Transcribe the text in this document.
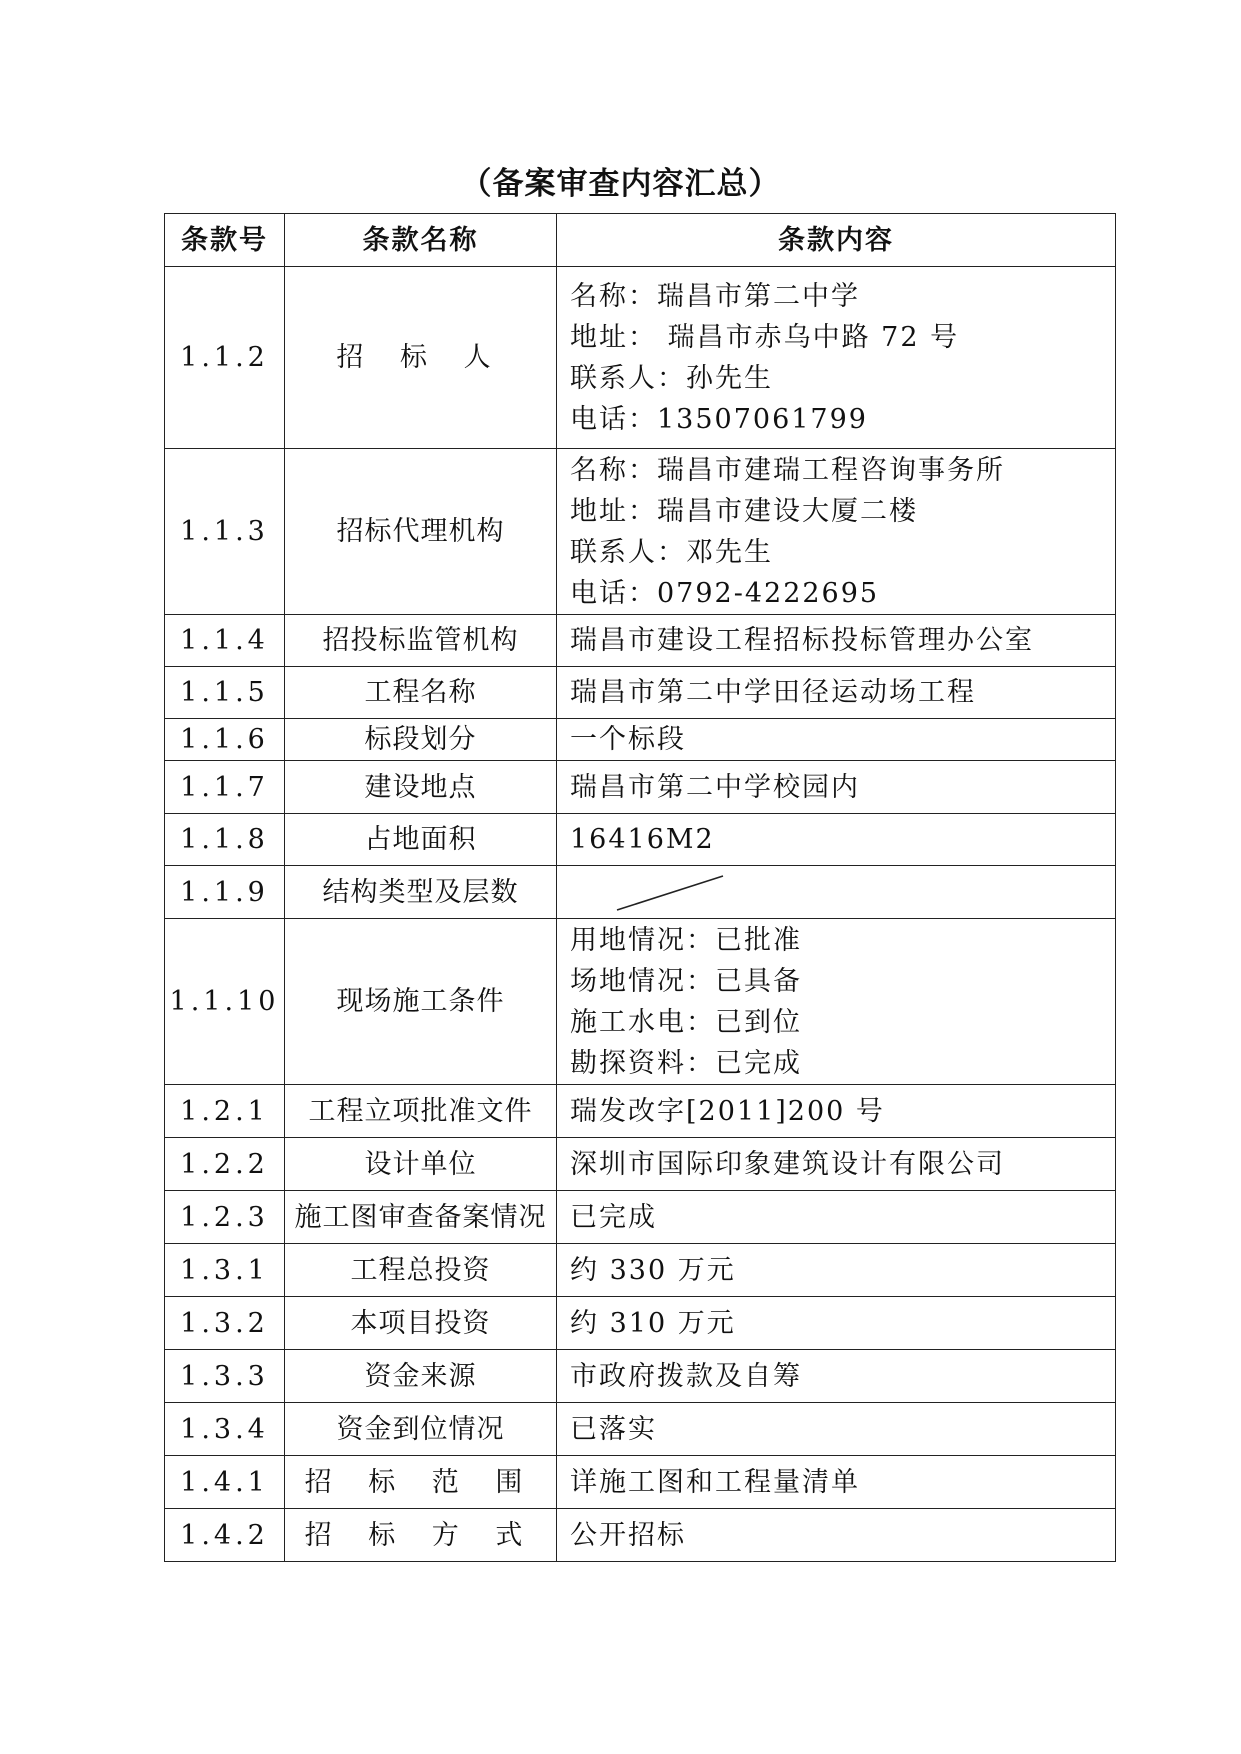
（备案审查内容汇总）
条款号	条款名称	条款内容
1.1.2	招 标 人	名称：瑞昌市第二中学
地址： 瑞昌市赤乌中路 72 号
联系人：孙先生
电话：13507061799

1.1.3	招标代理机构	名称：瑞昌市建瑞工程咨询事务所
地址：瑞昌市建设大厦二楼
联系人：邓先生
电话：0792-4222695

1.1.4	招投标监管机构	瑞昌市建设工程招标投标管理办公室

1.1.5	工程名称	瑞昌市第二中学田径运动场工程

1.1.6	标段划分	一个标段

1.1.7	建设地点	瑞昌市第二中学校园内

1.1.8	占地面积	16416M2

1.1.9	结构类型及层数	

1.1.10	现场施工条件	用地情况：已批准
场地情况：已具备
施工水电：已到位
勘探资料：已完成

1.2.1	工程立项批准文件	瑞发改字[2011]200 号

1.2.2	设计单位	深圳市国际印象建筑设计有限公司

1.2.3	施工图审查备案情况	已完成

1.3.1	工程总投资	约 330 万元

1.3.2	本项目投资	约 310 万元

1.3.3	资金来源	市政府拨款及自筹

1.3.4	资金到位情况	已落实

1.4.1	招 标 范 围	详施工图和工程量清单

1.4.2	招 标 方 式	公开招标
